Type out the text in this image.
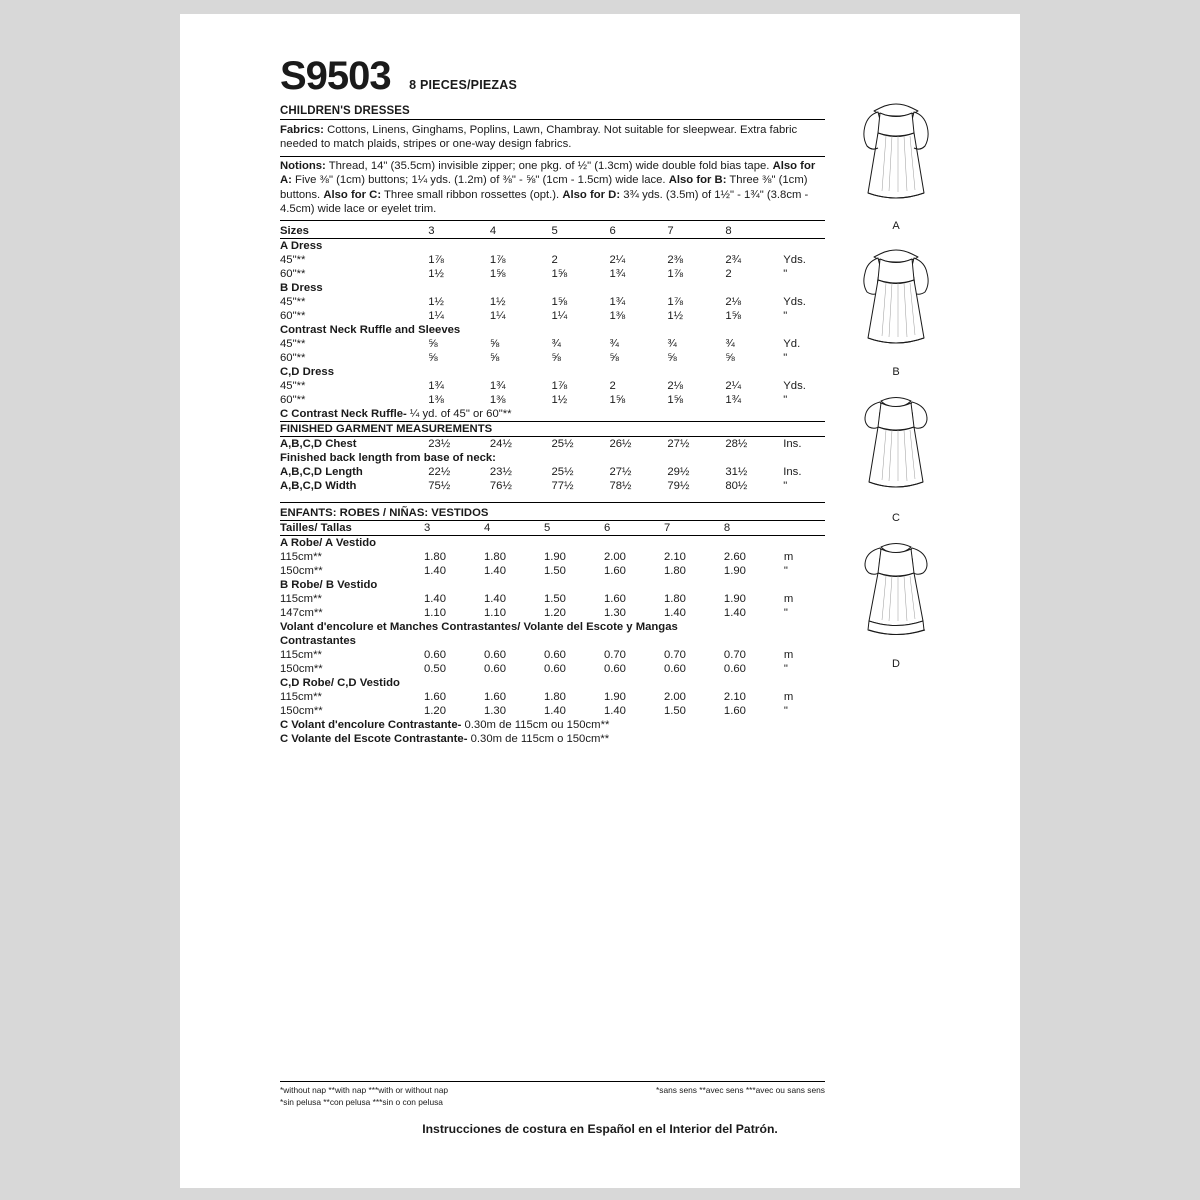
S9503 8 PIECES/PIEZAS
CHILDREN'S DRESSES

Fabrics: Cottons, Linens, Ginghams, Poplins, Lawn, Chambray. Not suitable for sleepwear. Extra fabric needed to match plaids, stripes or one-way design fabrics.

Notions: Thread, 14" (35.5cm) invisible zipper; one pkg. of ½" (1.3cm) wide double fold bias tape. Also for A: Five ⅜" (1cm) buttons; 1¼ yds. (1.2m) of ⅜" - ⅝" (1cm - 1.5cm) wide lace. Also for B: Three ⅜" (1cm) buttons. Also for C: Three small ribbon rossettes (opt.). Also for D: 3¾ yds. (3.5m) of 1½" - 1¾" (3.8cm - 4.5cm) wide lace or eyelet trim.

Sizes	3	4	5	6	7	8	
A Dress							
45"**	1⅞	1⅞	2	2¼	2⅜	2¾	Yds.
60"**	1½	1⅝	1⅝	1¾	1⅞	2	"
B Dress							
45"**	1½	1½	1⅝	1¾	1⅞	2⅛	Yds.
60"**	1¼	1¼	1¼	1⅜	1½	1⅝	"
Contrast Neck Ruffle and Sleeves							
45"**	⅝	⅝	¾	¾	¾	¾	Yd.
60"**	⅝	⅝	⅝	⅝	⅝	⅝	"
C,D Dress							
45"**	1¾	1¾	1⅞	2	2⅛	2¼	Yds.
60"**	1⅜	1⅜	1½	1⅝	1⅝	1¾	"
C Contrast Neck Ruffle- ¼ yd. of 45" or 60"**							
FINISHED GARMENT MEASUREMENTS							
A,B,C,D Chest	23½	24½	25½	26½	27½	28½	Ins.
Finished back length from base of neck:							
A,B,C,D Length	22½	23½	25½	27½	29½	31½	Ins.
A,B,C,D Width	75½	76½	77½	78½	79½	80½	"
ENFANTS: ROBES / NIÑAS: VESTIDOS							
Tailles/ Tallas	3	4	5	6	7	8	
A Robe/ A Vestido							
115cm**	1.80	1.80	1.90	2.00	2.10	2.60	m
150cm**	1.40	1.40	1.50	1.60	1.80	1.90	"
B Robe/ B Vestido							
115cm**	1.40	1.40	1.50	1.60	1.80	1.90	m
147cm**	1.10	1.10	1.20	1.30	1.40	1.40	"
Volant d'encolure et Manches Contrastantes/ Volante del Escote y Mangas							
Contrastantes							
115cm**	0.60	0.60	0.60	0.70	0.70	0.70	m
150cm**	0.50	0.60	0.60	0.60	0.60	0.60	"
C,D Robe/ C,D Vestido							
115cm**	1.60	1.60	1.80	1.90	2.00	2.10	m
150cm**	1.20	1.30	1.40	1.40	1.50	1.60	"
C Volant d'encolure Contrastante- 0.30m de 115cm ou 150cm**							
C Volante del Escote Contrastante- 0.30m de 115cm o 150cm**							
A
B
C
D
*sans sens **avec sens ***avec ou sans sens
*without nap **with nap ***with or without nap
*sin pelusa **con pelusa ***sin o con pelusa
Instrucciones de costura en Español en el Interior del Patrón.
